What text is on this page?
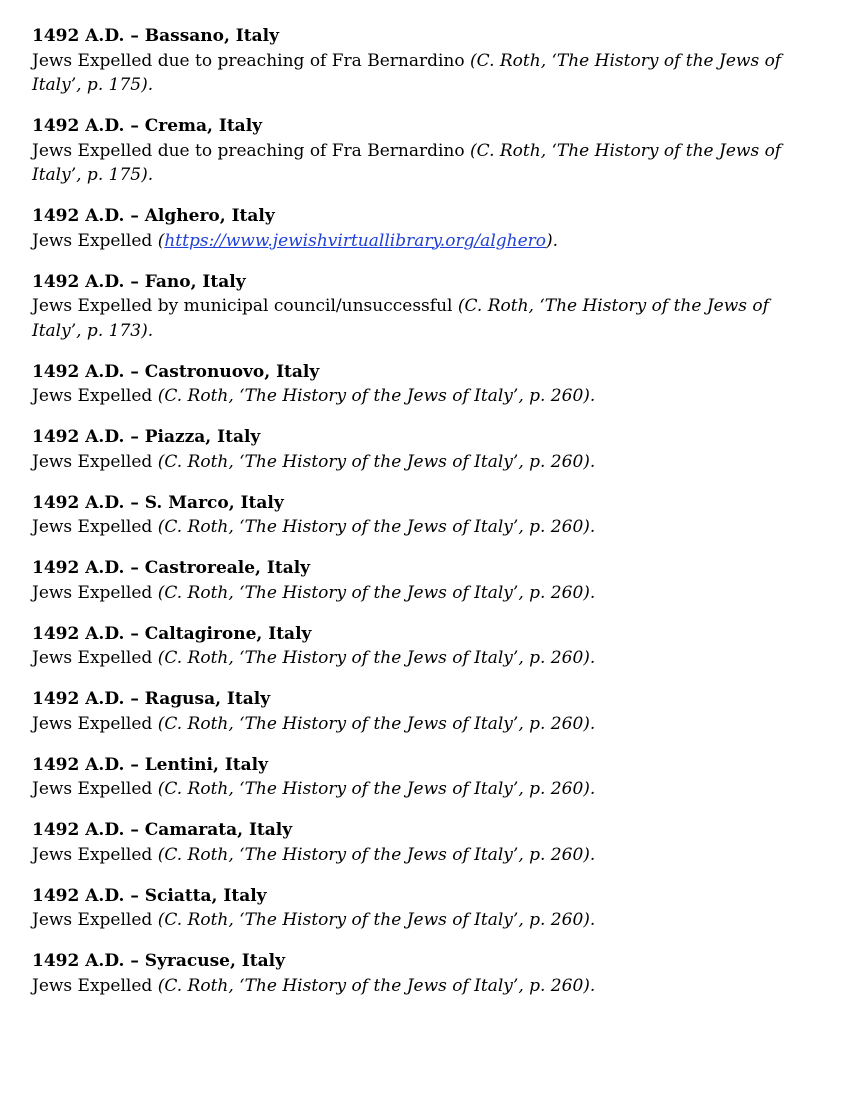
1492 A.D. – Bassano, Italy

Jews Expelled due to preaching of Fra Bernardino (C. Roth, ‘The History of the Jews of Italy’, p. 175).

1492 A.D. – Crema, Italy

Jews Expelled due to preaching of Fra Bernardino (C. Roth, ‘The History of the Jews of Italy’, p. 175).

1492 A.D. – Alghero, Italy

Jews Expelled (https://www.jewishvirtuallibrary.org/alghero).

1492 A.D. – Fano, Italy

Jews Expelled by municipal council/unsuccessful (C. Roth, ‘The History of the Jews of Italy’, p. 173).

1492 A.D. – Castronuovo, Italy

Jews Expelled (C. Roth, ‘The History of the Jews of Italy’, p. 260).

1492 A.D. – Piazza, Italy

Jews Expelled (C. Roth, ‘The History of the Jews of Italy’, p. 260).

1492 A.D. – S. Marco, Italy

Jews Expelled (C. Roth, ‘The History of the Jews of Italy’, p. 260).

1492 A.D. – Castroreale, Italy

Jews Expelled (C. Roth, ‘The History of the Jews of Italy’, p. 260).

1492 A.D. – Caltagirone, Italy

Jews Expelled (C. Roth, ‘The History of the Jews of Italy’, p. 260).

1492 A.D. – Ragusa, Italy

Jews Expelled (C. Roth, ‘The History of the Jews of Italy’, p. 260).

1492 A.D. – Lentini, Italy

Jews Expelled (C. Roth, ‘The History of the Jews of Italy’, p. 260).

1492 A.D. – Camarata, Italy

Jews Expelled (C. Roth, ‘The History of the Jews of Italy’, p. 260).

1492 A.D. – Sciatta, Italy

Jews Expelled (C. Roth, ‘The History of the Jews of Italy’, p. 260).

1492 A.D. – Syracuse, Italy

Jews Expelled (C. Roth, ‘The History of the Jews of Italy’, p. 260).
